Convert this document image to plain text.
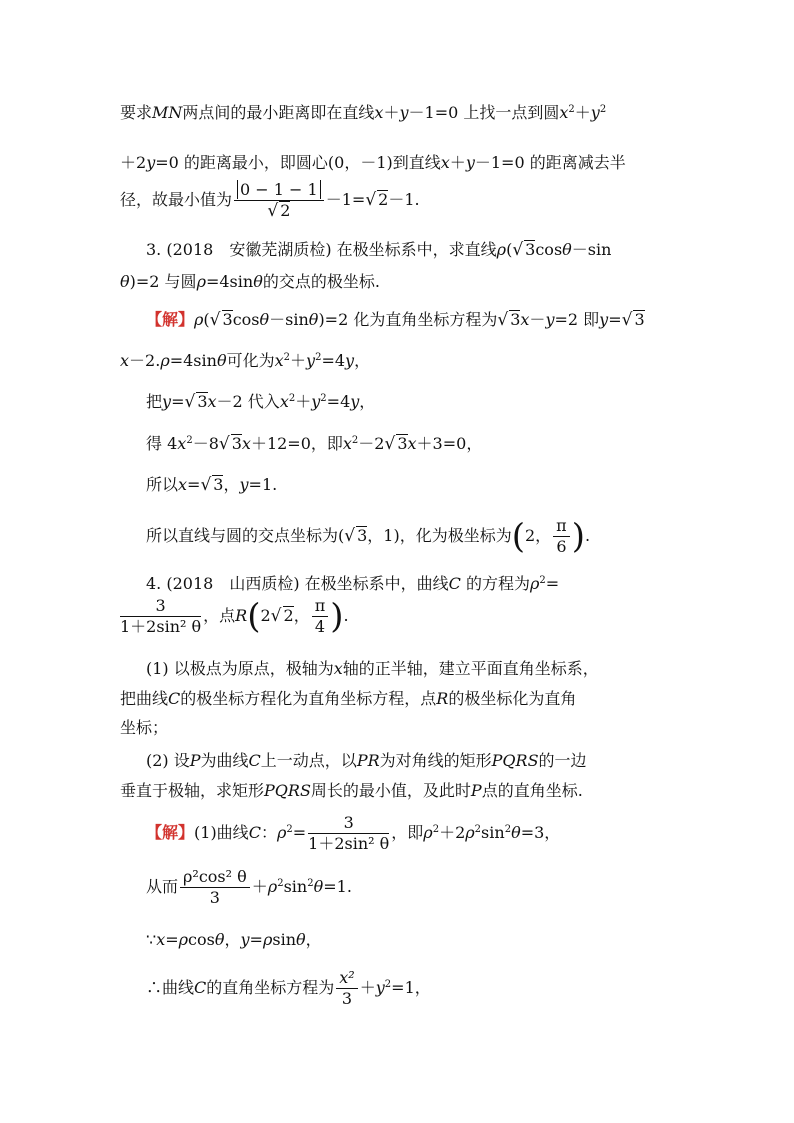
要求MN两点间的最小距离即在直线x＋y－1=0 上找一点到圆$x^2+y^2$
＋2y=0 的距离最小，即圆心(0，－1)到直线x＋y－1=0 的距离减去半
径，故最小值为 $\frac{0 - 1 - 1}{√ 2} -1=√$ 2－1.
3. (2018　安徽芜湖质检) 在极坐标系中，求直线ρ(√ 3cosθ－sin
θ)=2 与圆ρ=4sinθ的交点的极坐标.
【解】ρ(√ 3cosθ－sinθ)=2 化为直角坐标方程为√ 3x－y=2 即y=√ 3
x－2.ρ=4sinθ可化为$x^2+y^2=4y$，
把y=√ 3x－2 代入$x^2+y^2=4y$，
得 $4x^2-8√$ 3x＋12=0，即$x^2-2√$ 3x＋3=0，
所以x=√ 3，y=1.
所以直线与圆的交点坐标为(√ 3，1)，化为极坐标为(2， $\frac{\pi}{6}$ ).
4. (2018　山西质检) 在极坐标系中，曲线C 的方程为$\rho^2=$
$\frac{3}{\text{1＋2sin² θ}}$ ，点R(2√ 2， $\frac{\pi}{4}$ ).
(1) 以极点为原点，极轴为x轴的正半轴，建立平面直角坐标系，
把曲线C的极坐标方程化为直角坐标方程，点R的极坐标化为直角
坐标；
(2) 设P为曲线C上一动点，以PR为对角线的矩形PQRS的一边
垂直于极轴，求矩形PQRS周长的最小值，及此时P点的直角坐标.
【解】(1)曲线C：$\rho^2= \frac{3}{\text{1＋2sin² θ}}$ ，即$\rho^2+2\rho^2\sin^2\theta=3$，
从而 $\frac{\text{ρ²cos² θ}}{3} +\rho^2\sin^2\theta=1$.
∵x=ρcosθ，y=ρsinθ，
∴曲线C的直角坐标方程为 $\frac{\text{x²}}{3} +y^2=1$，
